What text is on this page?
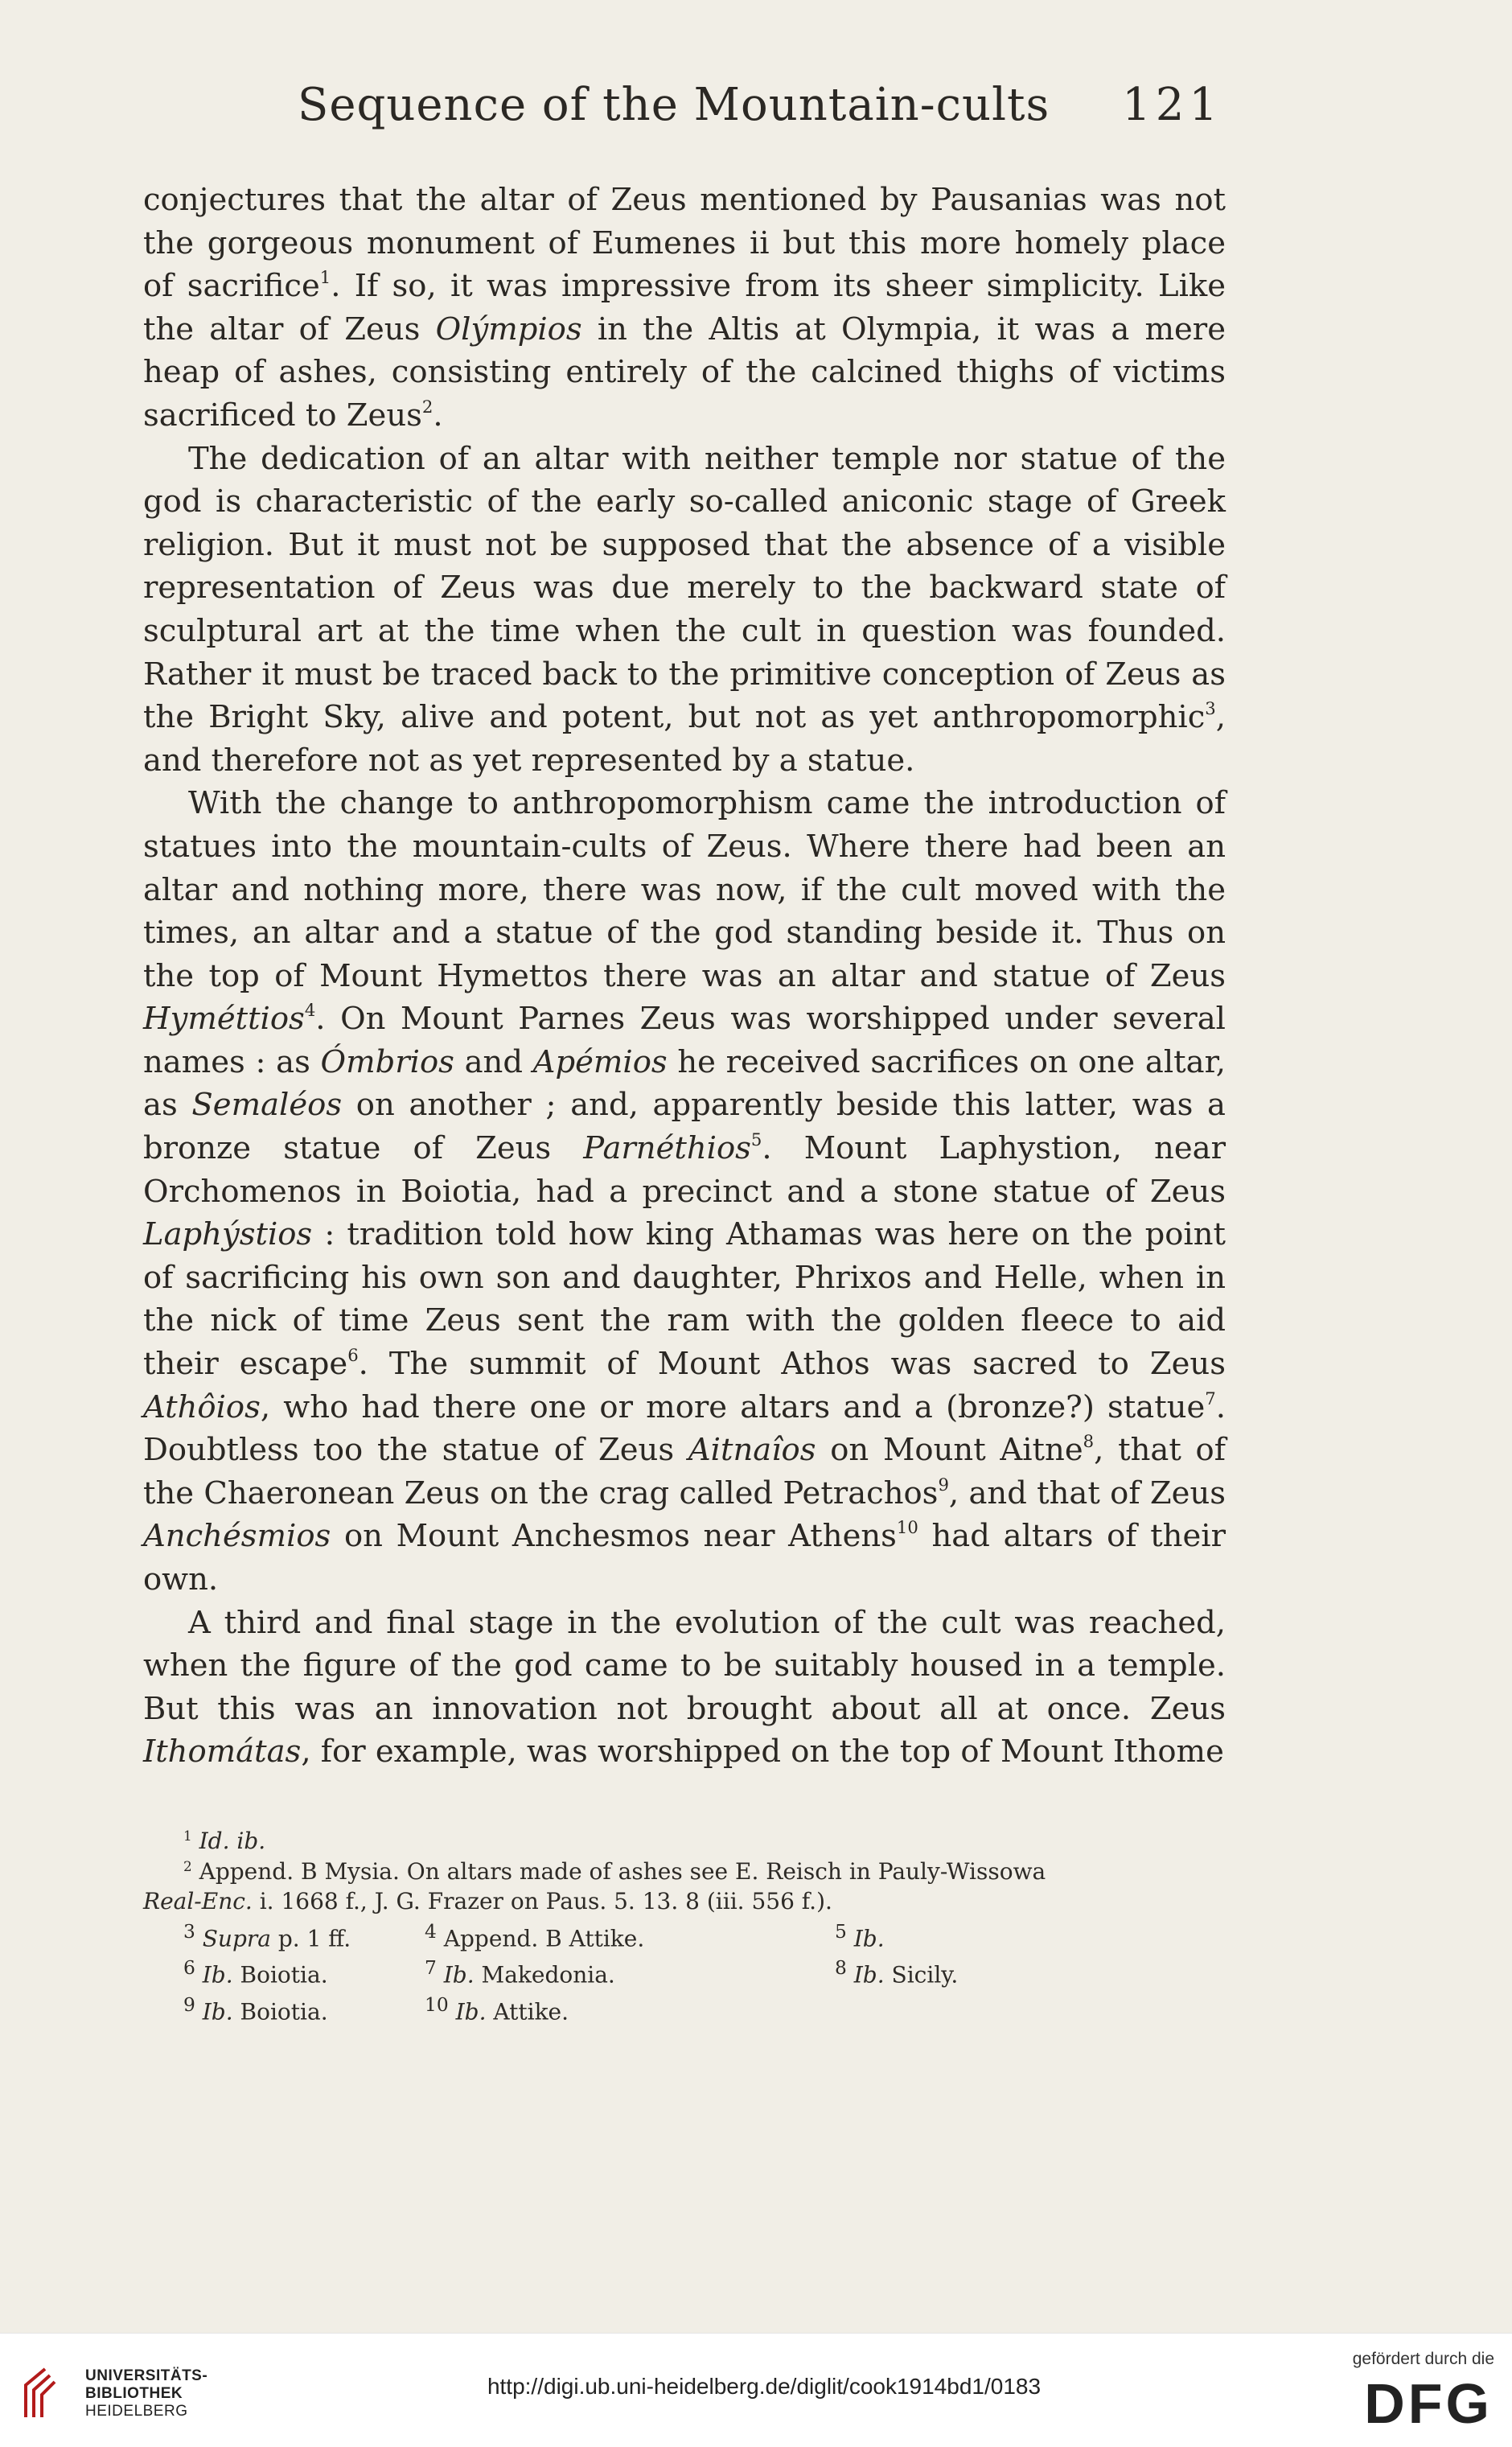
Sequence of the Mountain-cults 121

conjectures that the altar of Zeus mentioned by Pausanias was not the gorgeous monument of Eumenes ii but this more homely place of sacrifice$^1$. If so, it was impressive from its sheer simplicity. Like the altar of Zeus Olýmpios in the Altis at Olympia, it was a mere heap of ashes, consisting entirely of the calcined thighs of victims sacrificed to Zeus$^2$.

The dedication of an altar with neither temple nor statue of the god is characteristic of the early so-called aniconic stage of Greek religion. But it must not be supposed that the absence of a visible representation of Zeus was due merely to the backward state of sculptural art at the time when the cult in question was founded. Rather it must be traced back to the primitive conception of Zeus as the Bright Sky, alive and potent, but not as yet anthropomorphic$^3$, and therefore not as yet represented by a statue.

With the change to anthropomorphism came the introduction of statues into the mountain-cults of Zeus. Where there had been an altar and nothing more, there was now, if the cult moved with the times, an altar and a statue of the god standing beside it. Thus on the top of Mount Hymettos there was an altar and statue of Zeus Hyméttios$^4$. On Mount Parnes Zeus was worshipped under several names : as Ómbrios and Apémios he received sacrifices on one altar, as Semaléos on another ; and, apparently beside this latter, was a bronze statue of Zeus Parnéthios$^5$. Mount Laphystion, near Orchomenos in Boiotia, had a precinct and a stone statue of Zeus Laphýstios : tradition told how king Athamas was here on the point of sacrificing his own son and daughter, Phrixos and Helle, when in the nick of time Zeus sent the ram with the golden fleece to aid their escape$^6$. The summit of Mount Athos was sacred to Zeus Athôios, who had there one or more altars and a (bronze?) statue$^7$. Doubtless too the statue of Zeus Aitnaîos on Mount Aitne$^8$, that of the Chaeronean Zeus on the crag called Petrachos$^9$, and that of Zeus Anchésmios on Mount Anchesmos near Athens$^{10}$ had altars of their own.

A third and final stage in the evolution of the cult was reached, when the figure of the god came to be suitably housed in a temple. But this was an innovation not brought about all at once. Zeus Ithomátas, for example, was worshipped on the top of Mount Ithome

$^1$ Id. ib.
$^2$ Append. B Mysia. On altars made of ashes see E. Reisch in Pauly-Wissowa
Real-Enc. i. 1668 f., J. G. Frazer on Paus. 5. 13. 8 (iii. 556 f.).
$^3$ Supra p. 1 ff.	$^4$ Append. B Attike.	$^5$ Ib.
$^6$ Ib. Boiotia.	$^7$ Ib. Makedonia.	$^8$ Ib. Sicily.
$^9$ Ib. Boiotia.	$^{10}$ Ib. Attike.
UNIVERSITÄTS-
BIBLIOTHEK
HEIDELBERG
http://digi.ub.uni-heidelberg.de/diglit/cook1914bd1/0183
gefördert durch die
DFG
